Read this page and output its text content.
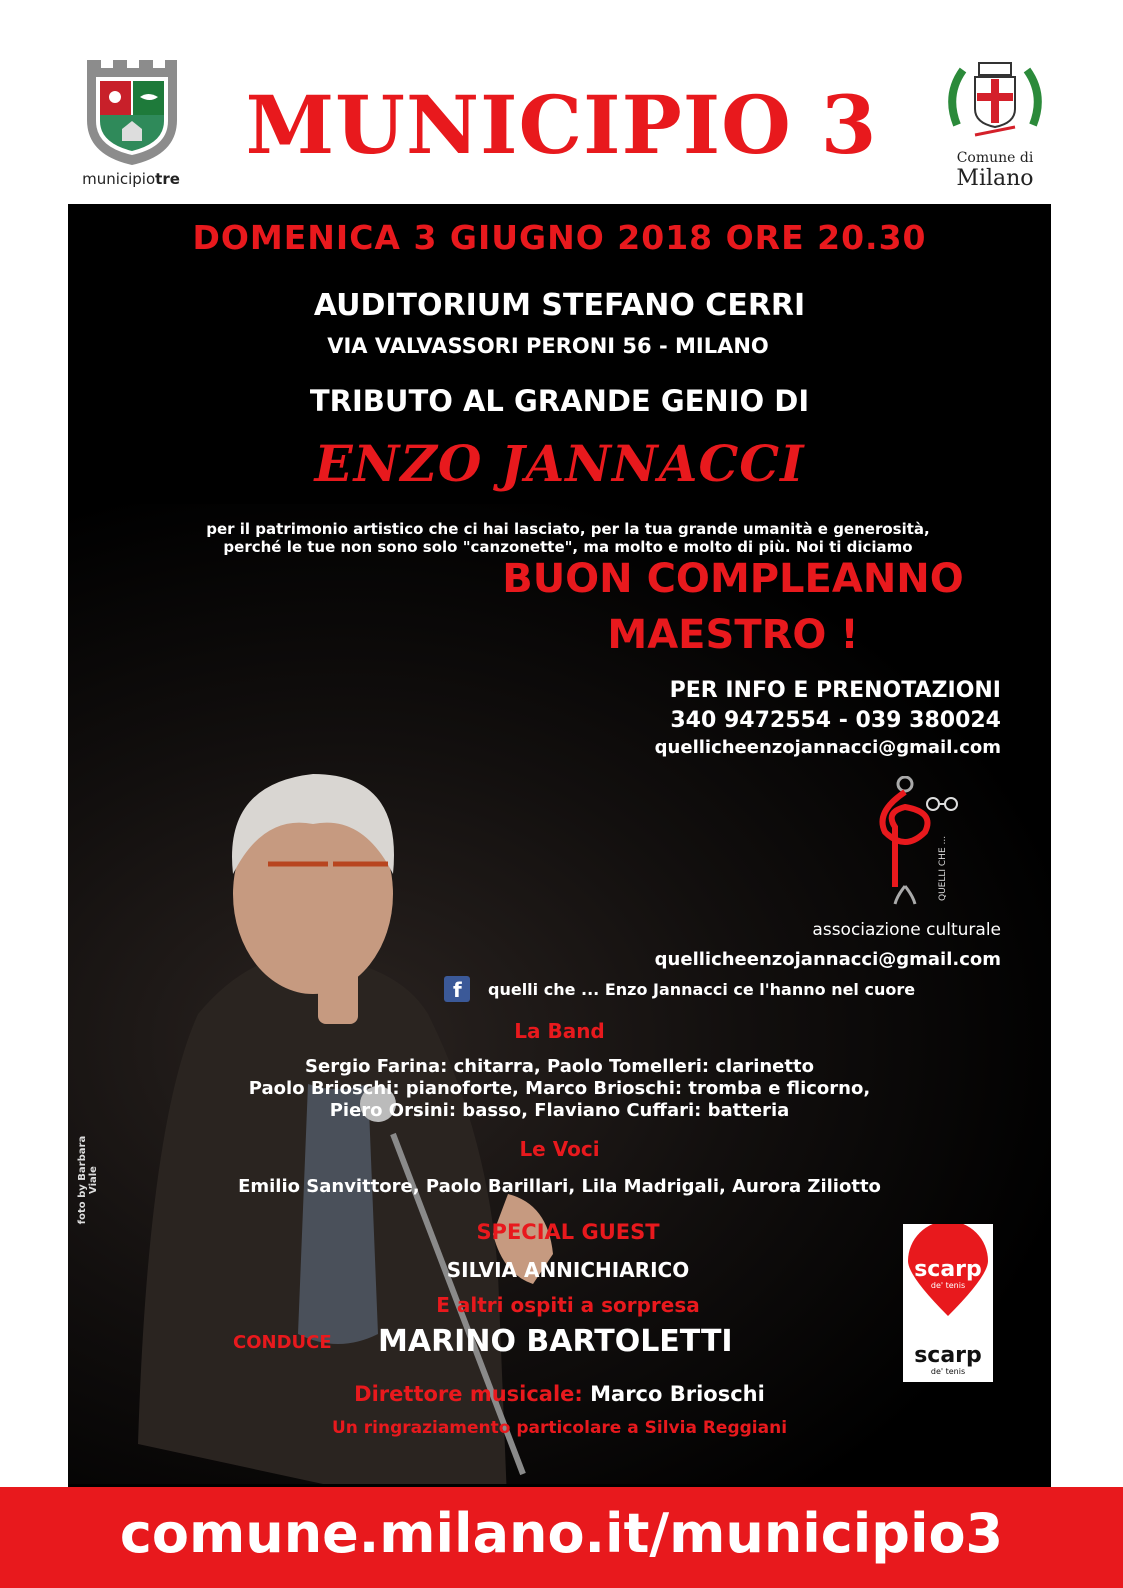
municipiotre
MUNICIPIO 3	Comune di
Milano
DOMENICA 3 GIUGNO 2018 ORE 20.30
AUDITORIUM STEFANO CERRI
VIA VALVASSORI PERONI 56 - MILANO
TRIBUTO AL GRANDE GENIO DI
ENZO JANNACCI
per il patrimonio artistico che ci hai lasciato, per la tua grande umanità e generosità,
perché le tue non sono solo "canzonette", ma molto e molto di più. Noi ti diciamo
BUON COMPLEANNO
MAESTRO !
PER INFO E PRENOTAZIONI
340 9472554 - 039 380024
quellicheenzojannacci@gmail.com
QUELLI CHE ...
associazione culturale
quellicheenzojannacci@gmail.com
f quelli che ... Enzo Jannacci ce l'hanno nel cuore
La Band
Sergio Farina: chitarra, Paolo Tomelleri: clarinetto
Paolo Brioschi: pianoforte, Marco Brioschi: tromba e flicorno,
Piero Orsini: basso, Flaviano Cuffari: batteria
Le Voci
Emilio Sanvittore, Paolo Barillari, Lila Madrigali, Aurora Ziliotto
SPECIAL GUEST
SILVIA ANNICHIARICO
E altri ospiti a sorpresa
CONDUCE	MARINO BARTOLETTI
Direttore musicale: Marco Brioschi
Un ringraziamento particolare a Silvia Reggiani
foto by Barbara Viale
scarp
de' tenis
scarp
de' tenis
comune.milano.it/municipio3
